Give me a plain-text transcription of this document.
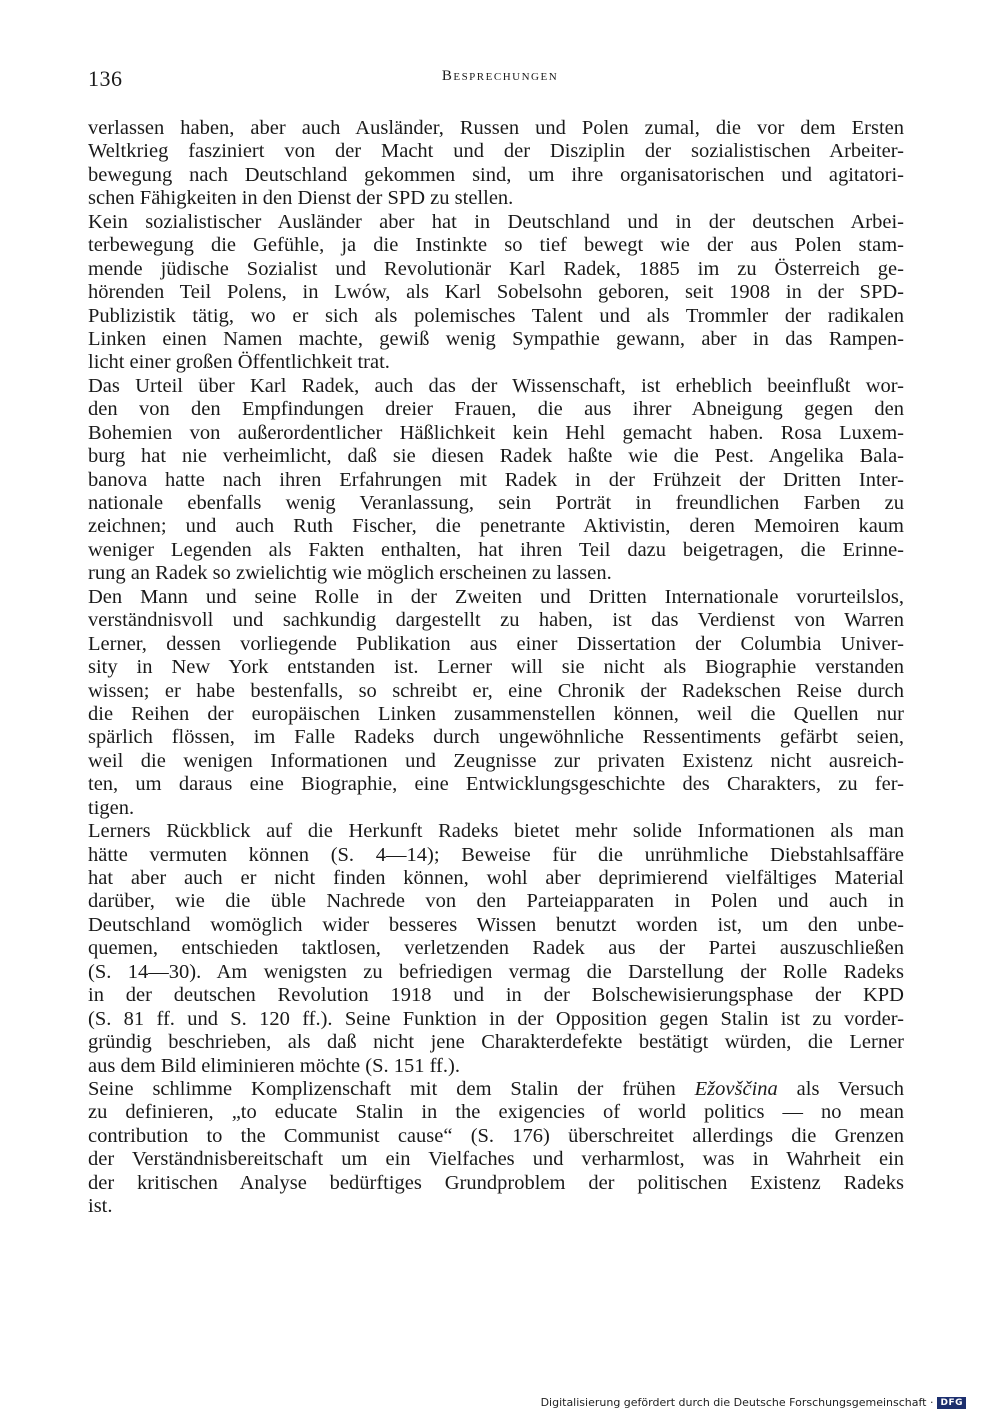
136	Besprechungen
verlassen haben, aber auch Ausländer, Russen und Polen zumal, die vor dem Ersten
Weltkrieg fasziniert von der Macht und der Disziplin der sozialistischen Arbeiter-
bewegung nach Deutschland gekommen sind, um ihre organisatorischen und agitatori-
schen Fähigkeiten in den Dienst der SPD zu stellen.
Kein sozialistischer Ausländer aber hat in Deutschland und in der deutschen Arbei-
terbewegung die Gefühle, ja die Instinkte so tief bewegt wie der aus Polen stam-
mende jüdische Sozialist und Revolutionär Karl Radek, 1885 im zu Österreich ge-
hörenden Teil Polens, in Lwów, als Karl Sobelsohn geboren, seit 1908 in der SPD-
Publizistik tätig, wo er sich als polemisches Talent und als Trommler der radikalen
Linken einen Namen machte, gewiß wenig Sympathie gewann, aber in das Rampen-
licht einer großen Öffentlichkeit trat.
Das Urteil über Karl Radek, auch das der Wissenschaft, ist erheblich beeinflußt wor-
den von den Empfindungen dreier Frauen, die aus ihrer Abneigung gegen den
Bohemien von außerordentlicher Häßlichkeit kein Hehl gemacht haben. Rosa Luxem-
burg hat nie verheimlicht, daß sie diesen Radek haßte wie die Pest. Angelika Bala-
banova hatte nach ihren Erfahrungen mit Radek in der Frühzeit der Dritten Inter-
nationale ebenfalls wenig Veranlassung, sein Porträt in freundlichen Farben zu
zeichnen; und auch Ruth Fischer, die penetrante Aktivistin, deren Memoiren kaum
weniger Legenden als Fakten enthalten, hat ihren Teil dazu beigetragen, die Erinne-
rung an Radek so zwielichtig wie möglich erscheinen zu lassen.
Den Mann und seine Rolle in der Zweiten und Dritten Internationale vorurteilslos,
verständnisvoll und sachkundig dargestellt zu haben, ist das Verdienst von Warren
Lerner, dessen vorliegende Publikation aus einer Dissertation der Columbia Univer-
sity in New York entstanden ist. Lerner will sie nicht als Biographie verstanden
wissen; er habe bestenfalls, so schreibt er, eine Chronik der Radekschen Reise durch
die Reihen der europäischen Linken zusammenstellen können, weil die Quellen nur
spärlich flössen, im Falle Radeks durch ungewöhnliche Ressentiments gefärbt seien,
weil die wenigen Informationen und Zeugnisse zur privaten Existenz nicht ausreich-
ten, um daraus eine Biographie, eine Entwicklungsgeschichte des Charakters, zu fer-
tigen.
Lerners Rückblick auf die Herkunft Radeks bietet mehr solide Informationen als man
hätte vermuten können (S. 4—14); Beweise für die unrühmliche Diebstahlsaffäre
hat aber auch er nicht finden können, wohl aber deprimierend vielfältiges Material
darüber, wie die üble Nachrede von den Parteiapparaten in Polen und auch in
Deutschland womöglich wider besseres Wissen benutzt worden ist, um den unbe-
quemen, entschieden taktlosen, verletzenden Radek aus der Partei auszuschließen
(S. 14—30). Am wenigsten zu befriedigen vermag die Darstellung der Rolle Radeks
in der deutschen Revolution 1918 und in der Bolschewisierungsphase der KPD
(S. 81 ff. und S. 120 ff.). Seine Funktion in der Opposition gegen Stalin ist zu vorder-
gründig beschrieben, als daß nicht jene Charakterdefekte bestätigt würden, die Lerner
aus dem Bild eliminieren möchte (S. 151 ff.).
Seine schlimme Komplizenschaft mit dem Stalin der frühen Ežovščina als Versuch
zu definieren, „to educate Stalin in the exigencies of world politics — no mean
contribution to the Communist cause“ (S. 176) überschreitet allerdings die Grenzen
der Verständnisbereitschaft um ein Vielfaches und verharmlost, was in Wahrheit ein
der kritischen Analyse bedürftiges Grundproblem der politischen Existenz Radeks
ist.
Digitalisierung gefördert durch die Deutsche Forschungsgemeinschaft · DFG
